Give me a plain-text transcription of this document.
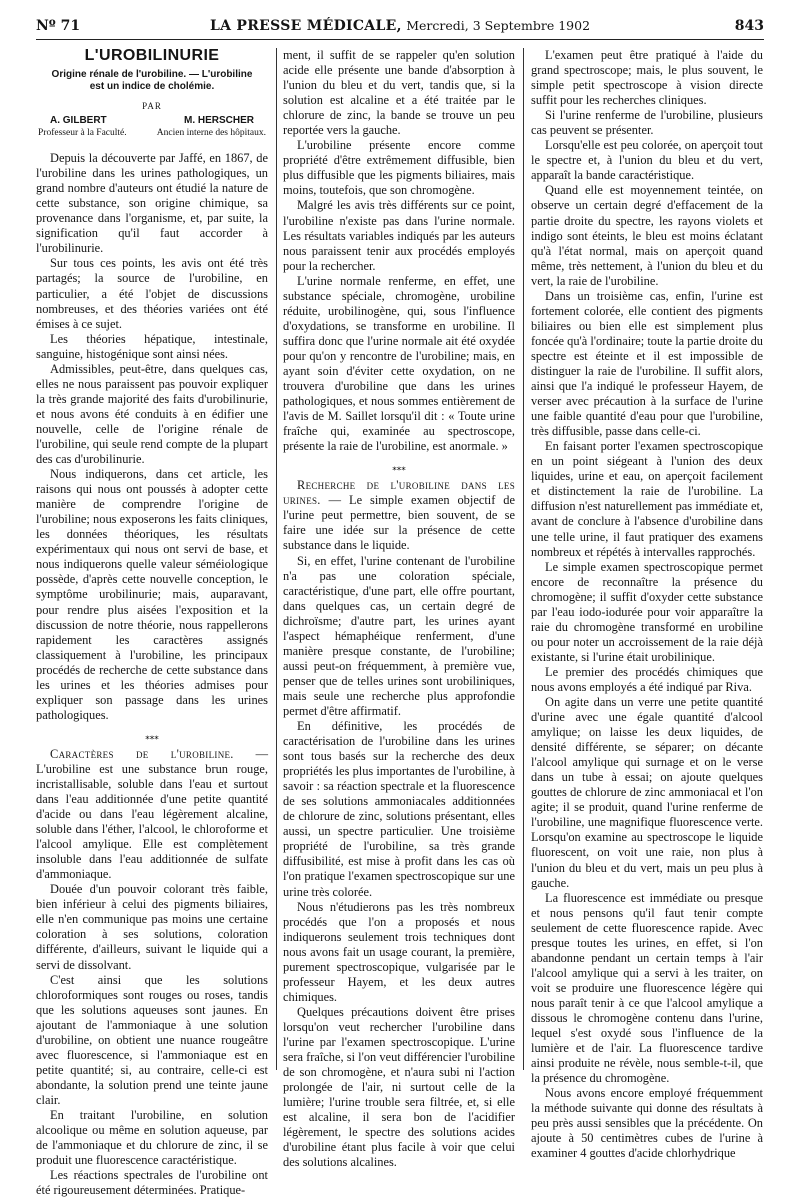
Nº 71	LA PRESSE MÉDICALE, Mercredi, 3 Septembre 1902	843
L'UROBILINURIE
Origine rénale de l'urobiline. — L'urobiline est un indice de cholémie.
PAR
A. GILBERT	M. HERSCHER
Professeur à la Faculté.	Ancien interne des hôpitaux.

Depuis la découverte par Jaffé, en 1867, de l'urobiline dans les urines pathologiques, un grand nombre d'auteurs ont étudié la nature de cette substance, son origine chimique, sa provenance dans l'organisme, et, par suite, la signification qu'il faut accorder à l'urobilinurie.

Sur tous ces points, les avis ont été très partagés; la source de l'urobiline, en particulier, a été l'objet de discussions nombreuses, et des théories variées ont été émises à ce sujet.

Les théories hépatique, intestinale, sanguine, histogénique sont ainsi nées.

Admissibles, peut-être, dans quelques cas, elles ne nous paraissent pas pouvoir expliquer la très grande majorité des faits d'urobilinurie, et nous avons été conduits à en édifier une nouvelle, celle de l'origine rénale de l'urobiline, qui seule rend compte de la plupart des cas d'urobilinurie.

Nous indiquerons, dans cet article, les raisons qui nous ont poussés à adopter cette manière de comprendre l'origine de l'urobiline; nous exposerons les faits cliniques, les données théoriques, les résultats expérimentaux qui nous ont servi de base, et nous indiquerons quelle valeur séméiologique possède, d'après cette nouvelle conception, le symptôme urobilinurie; mais, auparavant, pour rendre plus aisées l'exposition et la discussion de notre théorie, nous rappellerons rapidement les caractères assignés classiquement à l'urobiline, les principaux procédés de recherche de cette substance dans les urines et les théories admises pour expliquer son passage dans les urines pathologiques.

⁎⁎⁎

Caractères de l'urobiline. — L'urobiline est une substance brun rouge, incristallisable, soluble dans l'eau et surtout dans l'eau additionnée d'une petite quantité d'acide ou dans l'eau légèrement alcaline, soluble dans l'éther, l'alcool, le chloroforme et l'alcool amylique. Elle est complètement insoluble dans l'eau additionnée de sulfate d'ammoniaque.

Douée d'un pouvoir colorant très faible, bien inférieur à celui des pigments biliaires, elle n'en communique pas moins une certaine coloration à ses solutions, coloration différente, d'ailleurs, suivant le liquide qui a servi de dissolvant.

C'est ainsi que les solutions chloroformiques sont rouges ou roses, tandis que les solutions aqueuses sont jaunes. En ajoutant de l'ammoniaque à une solution d'urobiline, on obtient une nuance rougeâtre avec fluorescence, si l'ammoniaque est en petite quantité; si, au contraire, celle-ci est abondante, la solution prend une teinte jaune clair.

En traitant l'urobiline, en solution alcoolique ou même en solution aqueuse, par de l'ammoniaque et du chlorure de zinc, il se produit une fluorescence caractéristique.

Les réactions spectrales de l'urobiline ont été rigoureusement déterminées. Pratique-

ment, il suffit de se rappeler qu'en solution acide elle présente une bande d'absorption à l'union du bleu et du vert, tandis que, si la solution est alcaline et a été traitée par le chlorure de zinc, la bande se trouve un peu reportée vers la gauche.

L'urobiline présente encore comme propriété d'être extrêmement diffusible, bien plus diffusible que les pigments biliaires, mais moins, toutefois, que son chromogène.

Malgré les avis très différents sur ce point, l'urobiline n'existe pas dans l'urine normale. Les résultats variables indiqués par les auteurs nous paraissent tenir aux procédés employés pour la rechercher.

L'urine normale renferme, en effet, une substance spéciale, chromogène, urobiline réduite, urobilinogène, qui, sous l'influence d'oxydations, se transforme en urobiline. Il suffira donc que l'urine normale ait été oxydée pour qu'on y rencontre de l'urobiline; mais, en ayant soin d'éviter cette oxydation, on ne trouvera d'urobiline que dans les urines pathologiques, et nous sommes entièrement de l'avis de M. Saillet lorsqu'il dit : « Toute urine fraîche qui, examinée au spectroscope, présente la raie de l'urobiline, est anormale. »

⁎⁎⁎

Recherche de l'urobiline dans les urines. — Le simple examen objectif de l'urine peut permettre, bien souvent, de se faire une idée sur la présence de cette substance dans le liquide.

Si, en effet, l'urine contenant de l'urobiline n'a pas une coloration spéciale, caractéristique, d'une part, elle offre pourtant, dans quelques cas, un certain degré de dichroïsme; d'autre part, les urines ayant l'aspect hémaphéique renferment, d'une manière presque constante, de l'urobiline; aussi peut-on fréquemment, à première vue, penser que de telles urines sont urobiliniques, mais seule une recherche plus approfondie permet d'être affirmatif.

En définitive, les procédés de caractérisation de l'urobiline dans les urines sont tous basés sur la recherche des deux propriétés les plus importantes de l'urobiline, à savoir : sa réaction spectrale et la fluorescence de ses solutions ammoniacales additionnées de chlorure de zinc, solutions présentant, elles aussi, un spectre particulier. Une troisième propriété de l'urobiline, sa très grande diffusibilité, est mise à profit dans les cas où l'on pratique l'examen spectroscopique sur une urine très colorée.

Nous n'étudierons pas les très nombreux procédés que l'on a proposés et nous indiquerons seulement trois techniques dont nous avons fait un usage courant, la première, purement spectroscopique, vulgarisée par le professeur Hayem, et les deux autres chimiques.

Quelques précautions doivent être prises lorsqu'on veut rechercher l'urobiline dans l'urine par l'examen spectroscopique. L'urine sera fraîche, si l'on veut différencier l'urobiline de son chromogène, et n'aura subi ni l'action prolongée de l'air, ni surtout celle de la lumière; l'urine trouble sera filtrée, et, si elle est alcaline, il sera bon de l'acidifier légèrement, le spectre des solutions acides d'urobiline étant plus facile à voir que celui des solutions alcalines.

L'examen peut être pratiqué à l'aide du grand spectroscope; mais, le plus souvent, le simple petit spectroscope à vision directe suffit pour les recherches cliniques.

Si l'urine renferme de l'urobiline, plusieurs cas peuvent se présenter.

Lorsqu'elle est peu colorée, on aperçoit tout le spectre et, à l'union du bleu et du vert, apparaît la bande caractéristique.

Quand elle est moyennement teintée, on observe un certain degré d'effacement de la partie droite du spectre, les rayons violets et indigo sont éteints, le bleu est moins éclatant qu'à l'état normal, mais on aperçoit quand même, très nettement, à l'union du bleu et du vert, la raie de l'urobiline.

Dans un troisième cas, enfin, l'urine est fortement colorée, elle contient des pigments biliaires ou bien elle est simplement plus foncée qu'à l'ordinaire; toute la partie droite du spectre est éteinte et il est impossible de distinguer la raie de l'urobiline. Il suffit alors, ainsi que l'a indiqué le professeur Hayem, de verser avec précaution à la surface de l'urine une faible quantité d'eau pour que l'urobiline, très diffusible, passe dans celle-ci.

En faisant porter l'examen spectroscopique en un point siégeant à l'union des deux liquides, urine et eau, on aperçoit facilement et distinctement la raie de l'urobiline. La diffusion n'est naturellement pas immédiate et, avant de conclure à l'absence d'urobiline dans une telle urine, il faut pratiquer des examens nombreux et répétés à intervalles rapprochés.

Le simple examen spectroscopique permet encore de reconnaître la présence du chromogène; il suffit d'oxyder cette substance par l'eau iodo-iodurée pour voir apparaître la raie du chromogène transformé en urobiline ou pour noter un accroissement de la raie déjà existante, si l'urine était urobilinique.

Le premier des procédés chimiques que nous avons employés a été indiqué par Riva.

On agite dans un verre une petite quantité d'urine avec une égale quantité d'alcool amylique; on laisse les deux liquides, de densité différente, se séparer; on décante l'alcool amylique qui surnage et on le verse dans un tube à essai; on ajoute quelques gouttes de chlorure de zinc ammoniacal et l'on agite; il se produit, quand l'urine renferme de l'urobiline, une magnifique fluorescence verte. Lorsqu'on examine au spectroscope le liquide fluorescent, on voit une raie, non plus à l'union du bleu et du vert, mais un peu plus à gauche.

La fluorescence est immédiate ou presque et nous pensons qu'il faut tenir compte seulement de cette fluorescence rapide. Avec presque toutes les urines, en effet, si l'on abandonne pendant un certain temps à l'air l'alcool amylique qui a servi à les traiter, on voit se produire une fluorescence légère qui nous paraît tenir à ce que l'alcool amylique a dissous le chromogène contenu dans l'urine, lequel s'est oxydé sous l'influence de la lumière et de l'air. La fluorescence tardive ainsi produite ne révèle, nous semble-t-il, que la présence du chromogène.

Nous avons encore employé fréquemment la méthode suivante qui donne des résultats à peu près aussi sensibles que la précédente. On ajoute à 50 centimètres cubes de l'urine à examiner 4 gouttes d'acide chlorhydrique
